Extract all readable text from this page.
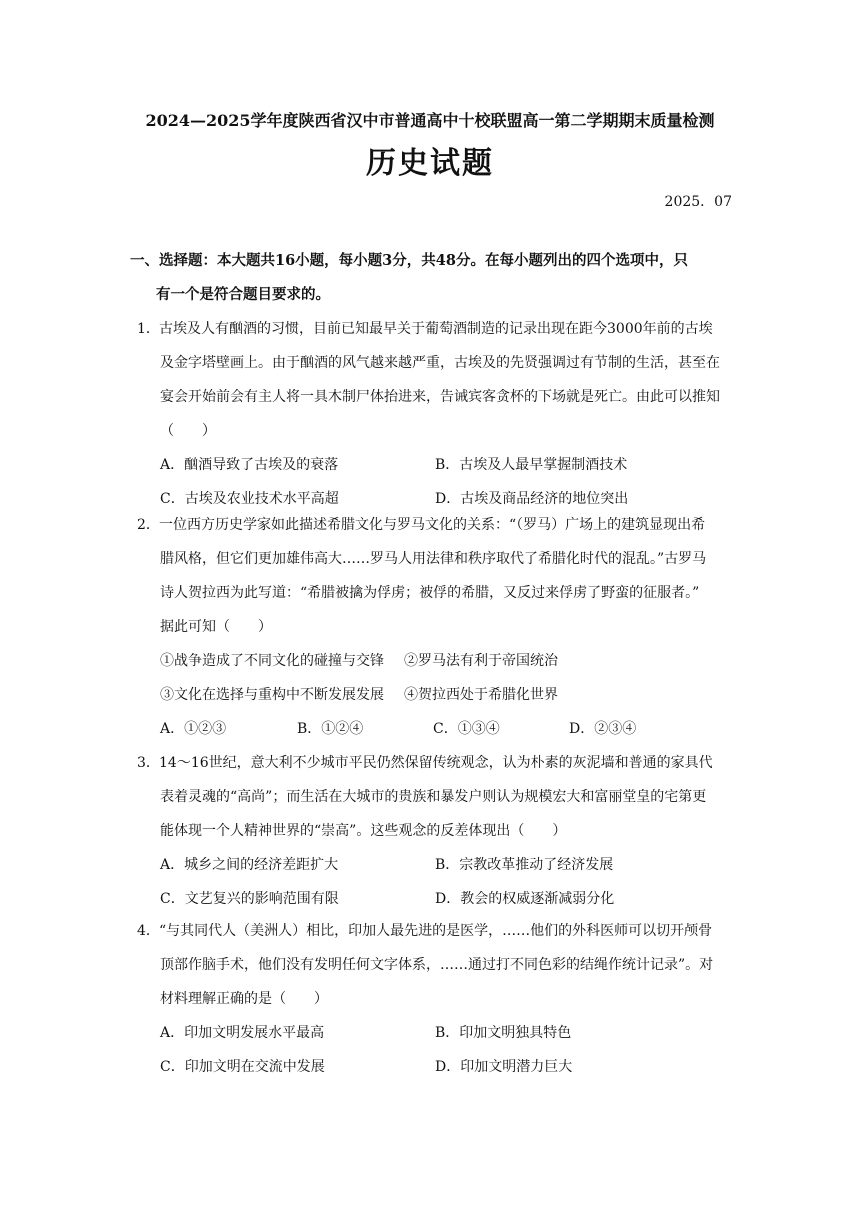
2024—2025学年度陕西省汉中市普通高中十校联盟高一第二学期期末质量检测
历史试题
2025．07
一、选择题：本大题共16小题，每小题3分，共48分。在每小题列出的四个选项中，只
有一个是符合题目要求的。
1．古埃及人有酗酒的习惯，目前已知最早关于葡萄酒制造的记录出现在距今3000年前的古埃
及金字塔壁画上。由于酗酒的风气越来越严重，古埃及的先贤强调过有节制的生活，甚至在
宴会开始前会有主人将一具木制尸体抬进来，告诫宾客贪杯的下场就是死亡。由此可以推知
（　　）
A．酗酒导致了古埃及的衰落	B．古埃及人最早掌握制酒技术
C．古埃及农业技术水平高超	D．古埃及商品经济的地位突出
2．一位西方历史学家如此描述希腊文化与罗马文化的关系：“（罗马）广场上的建筑显现出希
腊风格，但它们更加雄伟高大……罗马人用法律和秩序取代了希腊化时代的混乱。”古罗马
诗人贺拉西为此写道：“希腊被擒为俘虏；被俘的希腊，又反过来俘虏了野蛮的征服者。”
据此可知（　　）
①战争造成了不同文化的碰撞与交锋 ②罗马法有利于帝国统治
③文化在选择与重构中不断发展发展 ④贺拉西处于希腊化世界
A．①②③	B．①②④	C．①③④	D．②③④
3．14～16世纪，意大利不少城市平民仍然保留传统观念，认为朴素的灰泥墙和普通的家具代
表着灵魂的“高尚”；而生活在大城市的贵族和暴发户则认为规模宏大和富丽堂皇的宅第更
能体现一个人精神世界的“崇高”。这些观念的反差体现出（　　）
A．城乡之间的经济差距扩大	B．宗教改革推动了经济发展
C．文艺复兴的影响范围有限	D．教会的权威逐渐减弱分化
4．“与其同代人（美洲人）相比，印加人最先进的是医学，……他们的外科医师可以切开颅骨
顶部作脑手术，他们没有发明任何文字体系，……通过打不同色彩的结绳作统计记录”。对
材料理解正确的是（　　）
A．印加文明发展水平最高	B．印加文明独具特色
C．印加文明在交流中发展	D．印加文明潜力巨大
